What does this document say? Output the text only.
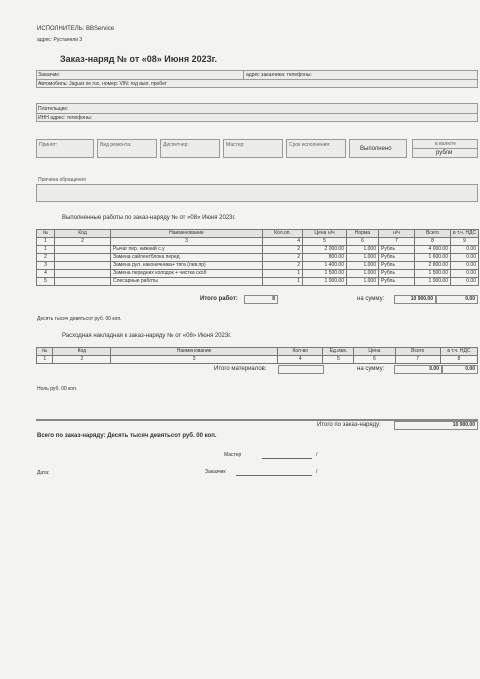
ИСПОЛНИТЕЛЬ: BBService
адрес: Рустаеели 3
Заказ-наряд № от «08» Июня 2023г.
Заказчик:	адрес заказчика: телефоны:
Автомобиль: Jaguar хе гос. номер: VIN: год вып. пробег
Плательщик:
ИНН адрес: телефоны:
Принят:	Вид ремонта:	Диспетчер:	Мастер:	Срок исполнения:
Выполнено
в валюте
рубли
Причина обращения
Выполненные работы по заказ-наряду № от «08» Июня 2023г.
№	Код	Наименование	Кол.оп.	Цена н/ч	Норма	н/ч	Всего	в т.ч. НДС
1	2	3	4	5	6	7	8	9
1		Рычаг пер. нижний с.у	2	2 000.00	1.000	Рубль	4 000.00	0.00
2		Замена сайлентблока перед	2	800.00	1.000	Рубль	1 600.00	0.00
3		Замена рул. наконечника+ тяга (лев.пр)	2	1 400.00	1.000	Рубль	2 800.00	0.00
4		Замена передних колодок + чистка скоб	1	1 500.00	1.000	Рубль	1 500.00	0.00
5		Слесарные работы	1	1 000.00	1.000	Рубль	1 000.00	0.00
Итого работ:	8	на сумму:	10 900.00	0.00
Десять тысяч девятьсот руб. 00 коп.
Расходная накладная к заказ-наряду № от «08» Июня 2023г.
№	Код	Наименование	Кол-во	Ед.изм.	Цена	Всего	в т.ч. НДС
1	2	3	4	5	6	7	8
Итого материалов:	на сумму:	0.00	0.00
Ноль руб. 00 коп.
Итого по заказ-наряду:	10 900.00
Всего по заказ-наряду: Десять тысяч девятьсот руб. 00 коп.
Мастер	/
Дата:	Заказчик	/
